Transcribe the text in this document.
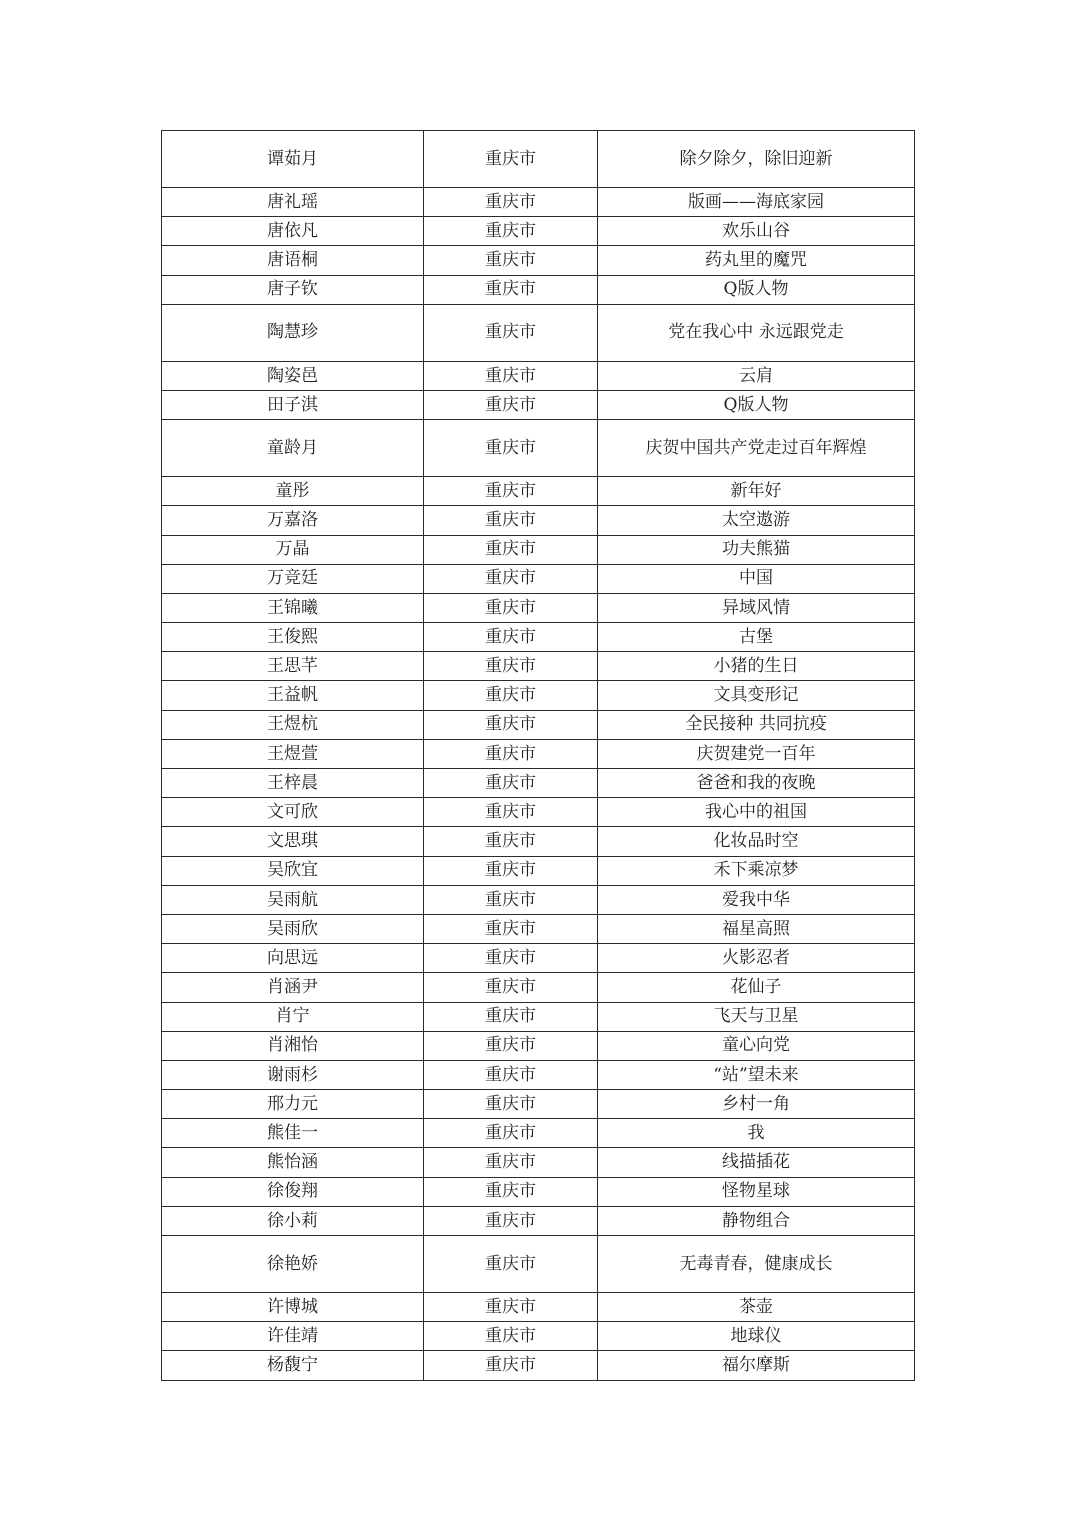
谭茹月	重庆市	除夕除夕，除旧迎新
唐礼瑶	重庆市	版画——海底家园
唐依凡	重庆市	欢乐山谷
唐语桐	重庆市	药丸里的魔咒
唐子钦	重庆市	Q版人物
陶慧珍	重庆市	党在我心中 永远跟党走
陶姿邑	重庆市	云肩
田子淇	重庆市	Q版人物
童龄月	重庆市	庆贺中国共产党走过百年辉煌
童彤	重庆市	新年好
万嘉洛	重庆市	太空遨游
万晶	重庆市	功夫熊猫
万竞廷	重庆市	中国
王锦曦	重庆市	异域风情
王俊熙	重庆市	古堡
王思芊	重庆市	小猪的生日
王益帆	重庆市	文具变形记
王煜杭	重庆市	全民接种 共同抗疫
王煜萱	重庆市	庆贺建党一百年
王梓晨	重庆市	爸爸和我的夜晚
文可欣	重庆市	我心中的祖国
文思琪	重庆市	化妆品时空
吴欣宜	重庆市	禾下乘凉梦
吴雨航	重庆市	爱我中华
吴雨欣	重庆市	福星高照
向思远	重庆市	火影忍者
肖涵尹	重庆市	花仙子
肖宁	重庆市	飞天与卫星
肖湘怡	重庆市	童心向党
谢雨杉	重庆市	“站”望未来
邢力元	重庆市	乡村一角
熊佳一	重庆市	我
熊怡涵	重庆市	线描插花
徐俊翔	重庆市	怪物星球
徐小莉	重庆市	静物组合
徐艳娇	重庆市	无毒青春，健康成长
许博城	重庆市	茶壶
许佳靖	重庆市	地球仪
杨馥宁	重庆市	福尔摩斯
